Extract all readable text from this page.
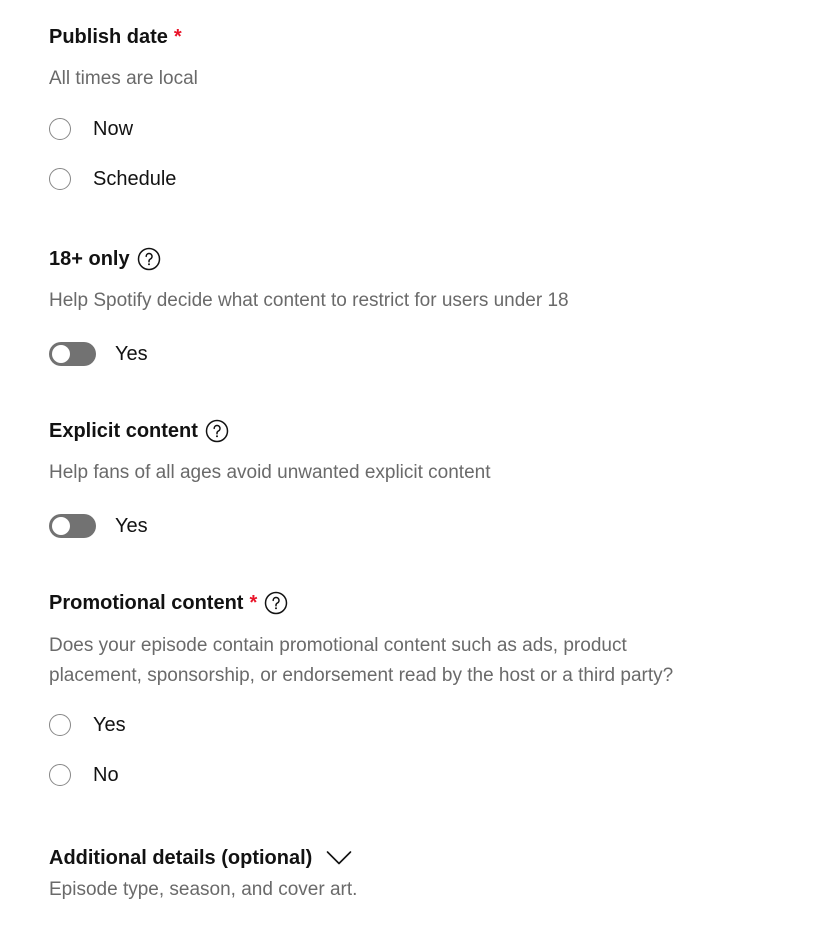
Publish date *
All times are local
Now
Schedule
18+ only
Help Spotify decide what content to restrict for users under 18
Yes
Explicit content
Help fans of all ages avoid unwanted explicit content
Yes
Promotional content *
Does your episode contain promotional content such as ads, product
placement, sponsorship, or endorsement read by the host or a third party?
Yes
No
Additional details (optional)
Episode type, season, and cover art.
